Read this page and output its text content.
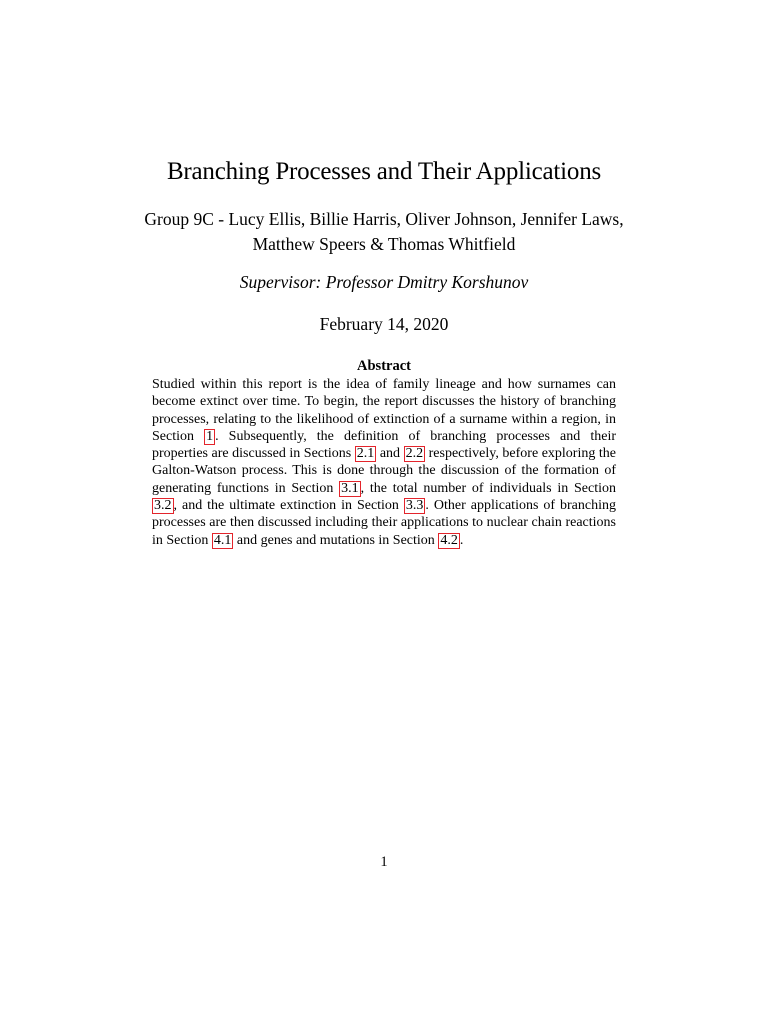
Branching Processes and Their Applications
Group 9C - Lucy Ellis, Billie Harris, Oliver Johnson, Jennifer Laws,
Matthew Speers & Thomas Whitfield
Supervisor: Professor Dmitry Korshunov
February 14, 2020
Abstract
Studied within this report is the idea of family lineage and how surnames can become extinct over time. To begin, the report discusses the history of branching processes, relating to the likelihood of extinction of a surname within a region, in Section 1 . Subsequently, the definition of branching processes and their properties are discussed in Sections 2.1 and 2.2 respectively, before exploring the Galton-Watson process. This is done through the discussion of the formation of generating functions in Section 3.1 , the total number of individuals in Section 3.2 , and the ultimate extinction in Section 3.3 . Other applications of branching processes are then discussed including their applications to nuclear chain reactions in Section 4.1 and genes and mutations in Section 4.2 .
1
